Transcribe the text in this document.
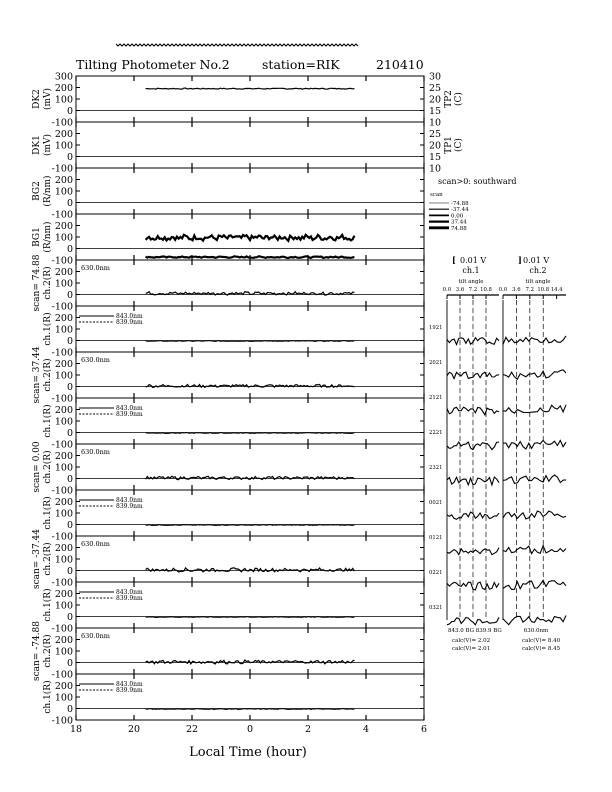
Tilting Photometer No.2	station=RIK	210410
300
200
100
0
-100
DK2 (mV)
30
25
20
15
10
TP2 (C)
200
100
0
-100
DK1 (mV)	25
20
15
10
TP1 (C)
200
100
0
-100
BG2 (R/nm)
200
100
0
-100
BG1 (R/nm)
200
100
0
-100
scan= 74.88 ch.2(R)	630.0nm
200
100
0
-100
ch.1(R)	843.0nm
839.9nm
200
100
0
-100
scan= 37.44 ch.2(R)	630.0nm
200
100
0
-100
ch.1(R)	843.0nm
839.9nm
200
100
0
-100
scan= 0.00 ch.2(R)	630.0nm
200
100
0
-100
ch.1(R)	843.0nm
839.9nm
200
100
0
-100
scan= -37.44 ch.2(R)	630.0nm
200
100
0
-100
ch.1(R)	843.0nm
839.9nm
200
100
0
-100
scan= -74.88 ch.2(R)	630.0nm
200
100
0
-100
ch.1(R)	843.0nm
839.9nm
18	20	22	0	2	4	6
Local Time (hour)
scan>0: southward
scan
-74.88
-37.44
0.00
37.44
74.88
[ 0.01 V
ch.1
tilt angle
] 0.01 V
ch.2
tilt angle
843.0 BG 839.9 BG	630.0nm
calc(V)= 2.02
calc(V)= 2.01
calc(V)= 8.40
calc(V)= 8.45
0.0 3.6 7.2 10.8 0.0 3.6 7.2 10.8 14.4
1921
2021
2121
2221
2321
0021
0121
0221
0321
